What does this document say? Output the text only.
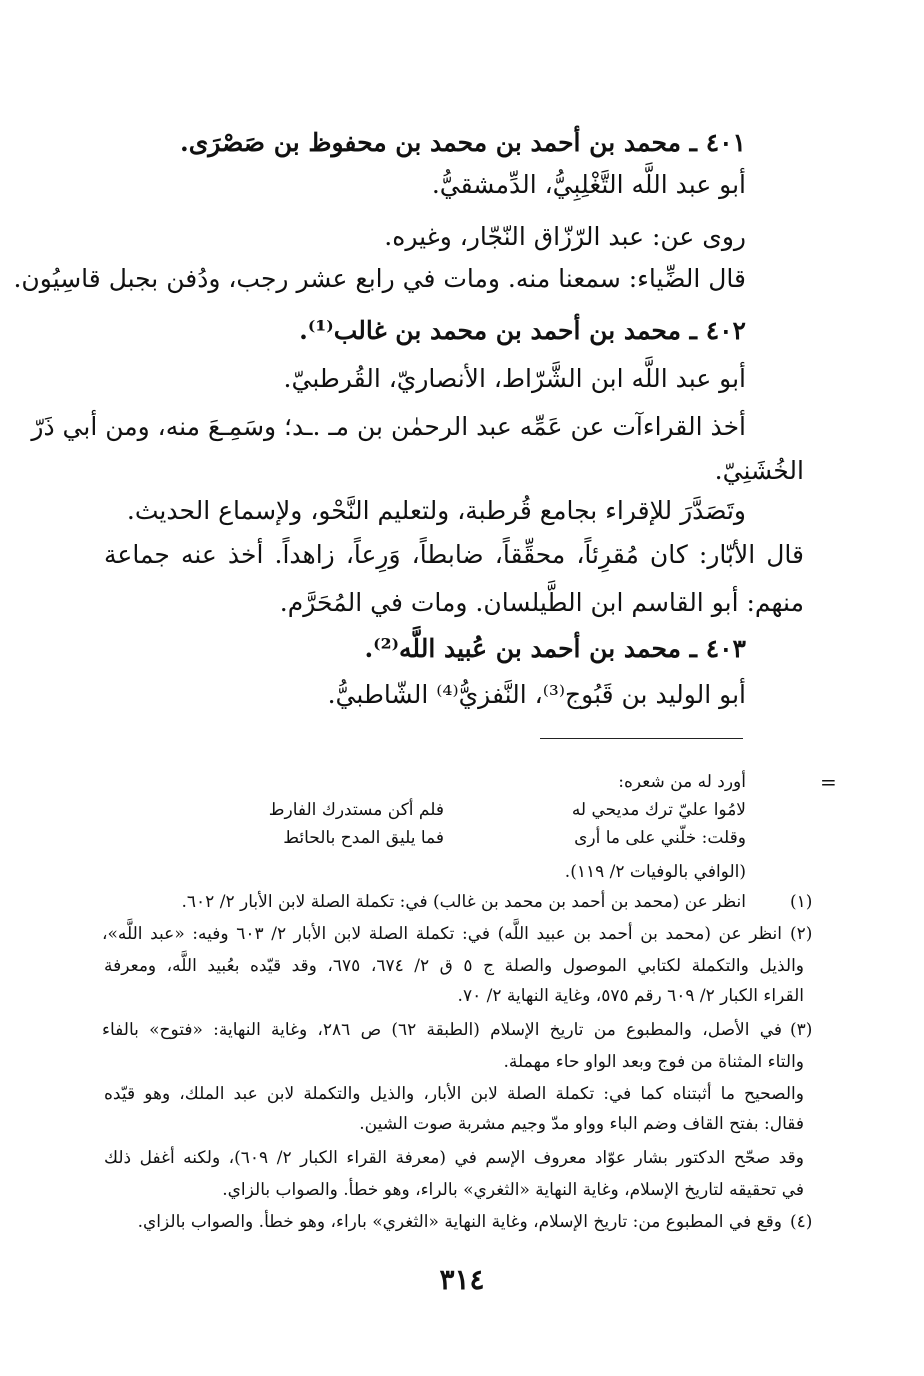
٤٠١ ـ محمد بن أحمد بن محمد بن محفوظ بن صَصْرَى.
أبو عبد اللَّه التَّغْلِبِيُّ، الدِّمشقيُّ.
روى عن: عبد الرّزّاق النّجّار، وغيره.
قال الضِّياء: سمعنا منه. ومات في رابع عشر رجب، ودُفن بجبل قاسِيُون.
٤٠٢ ـ محمد بن أحمد بن محمد بن غالب⁽¹⁾.
أبو عبد اللَّه ابن الشَّرّاط، الأنصاريّ، القُرطبيّ.
أخذ القراءآت عن عَمِّه عبد الرحمٰن بن مـ .ـد؛ وسَمِـعَ منه، ومن أبي ذَرّ
الخُشَنِيّ.
وتَصَدَّرَ للإقراء بجامع قُرطبة، ولتعليم النَّحْو، ولإسماع الحديث.
قال الأبّار: كان مُقرِئاً، محقِّقاً، ضابطاً، وَرِعاً، زاهداً. أخذ عنه جماعة
منهم: أبو القاسم ابن الطَّيلسان. ومات في المُحَرَّم.
٤٠٣ ـ محمد بن أحمد بن عُبيد اللَّه⁽²⁾.
أبو الوليد بن قَبُوج⁽³⁾، النَّفزيُّ⁽⁴⁾ الشّاطبيُّ.
=
أورد له من شعره:
لامُوا عليّ ترك مديحي له
فلم أكن مستدرك الفارط
وقلت: خلّني على ما أرى
فما يليق المدح بالحائط
(الوافي بالوفيات ٢/ ١١٩).
(١)
انظر عن (محمد بن أحمد بن محمد بن غالب) في: تكملة الصلة لابن الأبار ٢/ ٦٠٢.
(٢)
انظر عن (محمد بن أحمد بن عبيد اللَّه) في: تكملة الصلة لابن الأبار ٢/ ٦٠٣ وفيه: «عبد اللَّه»،
والذيل والتكملة لكتابي الموصول والصلة ج ٥ ق ٢/ ٦٧٤، ٦٧٥، وقد قيّده بعُبيد اللَّه، ومعرفة
القراء الكبار ٢/ ٦٠٩ رقم ٥٧٥، وغاية النهاية ٢/ ٧٠.
(٣)
في الأصل، والمطبوع من تاريخ الإسلام (الطبقة ٦٢) ص ٢٨٦، وغاية النهاية: «فتوح» بالفاء
والتاء المثناة من فوج وبعد الواو حاء مهملة.
والصحيح ما أثبتناه كما في: تكملة الصلة لابن الأبار، والذيل والتكملة لابن عبد الملك، وهو قيّده
فقال: بفتح القاف وضم الباء وواو مدّ وجيم مشربة صوت الشين.
وقد صحّح الدكتور بشار عوّاد معروف الإسم في (معرفة القراء الكبار ٢/ ٦٠٩)، ولكنه أغفل ذلك
في تحقيقه لتاريخ الإسلام، وغاية النهاية «الثغري» بالراء، وهو خطأ. والصواب بالزاي.
(٤)
وقع في المطبوع من: تاريخ الإسلام، وغاية النهاية «الثغري» باراء، وهو خطأ. والصواب بالزاي.
٣١٤
